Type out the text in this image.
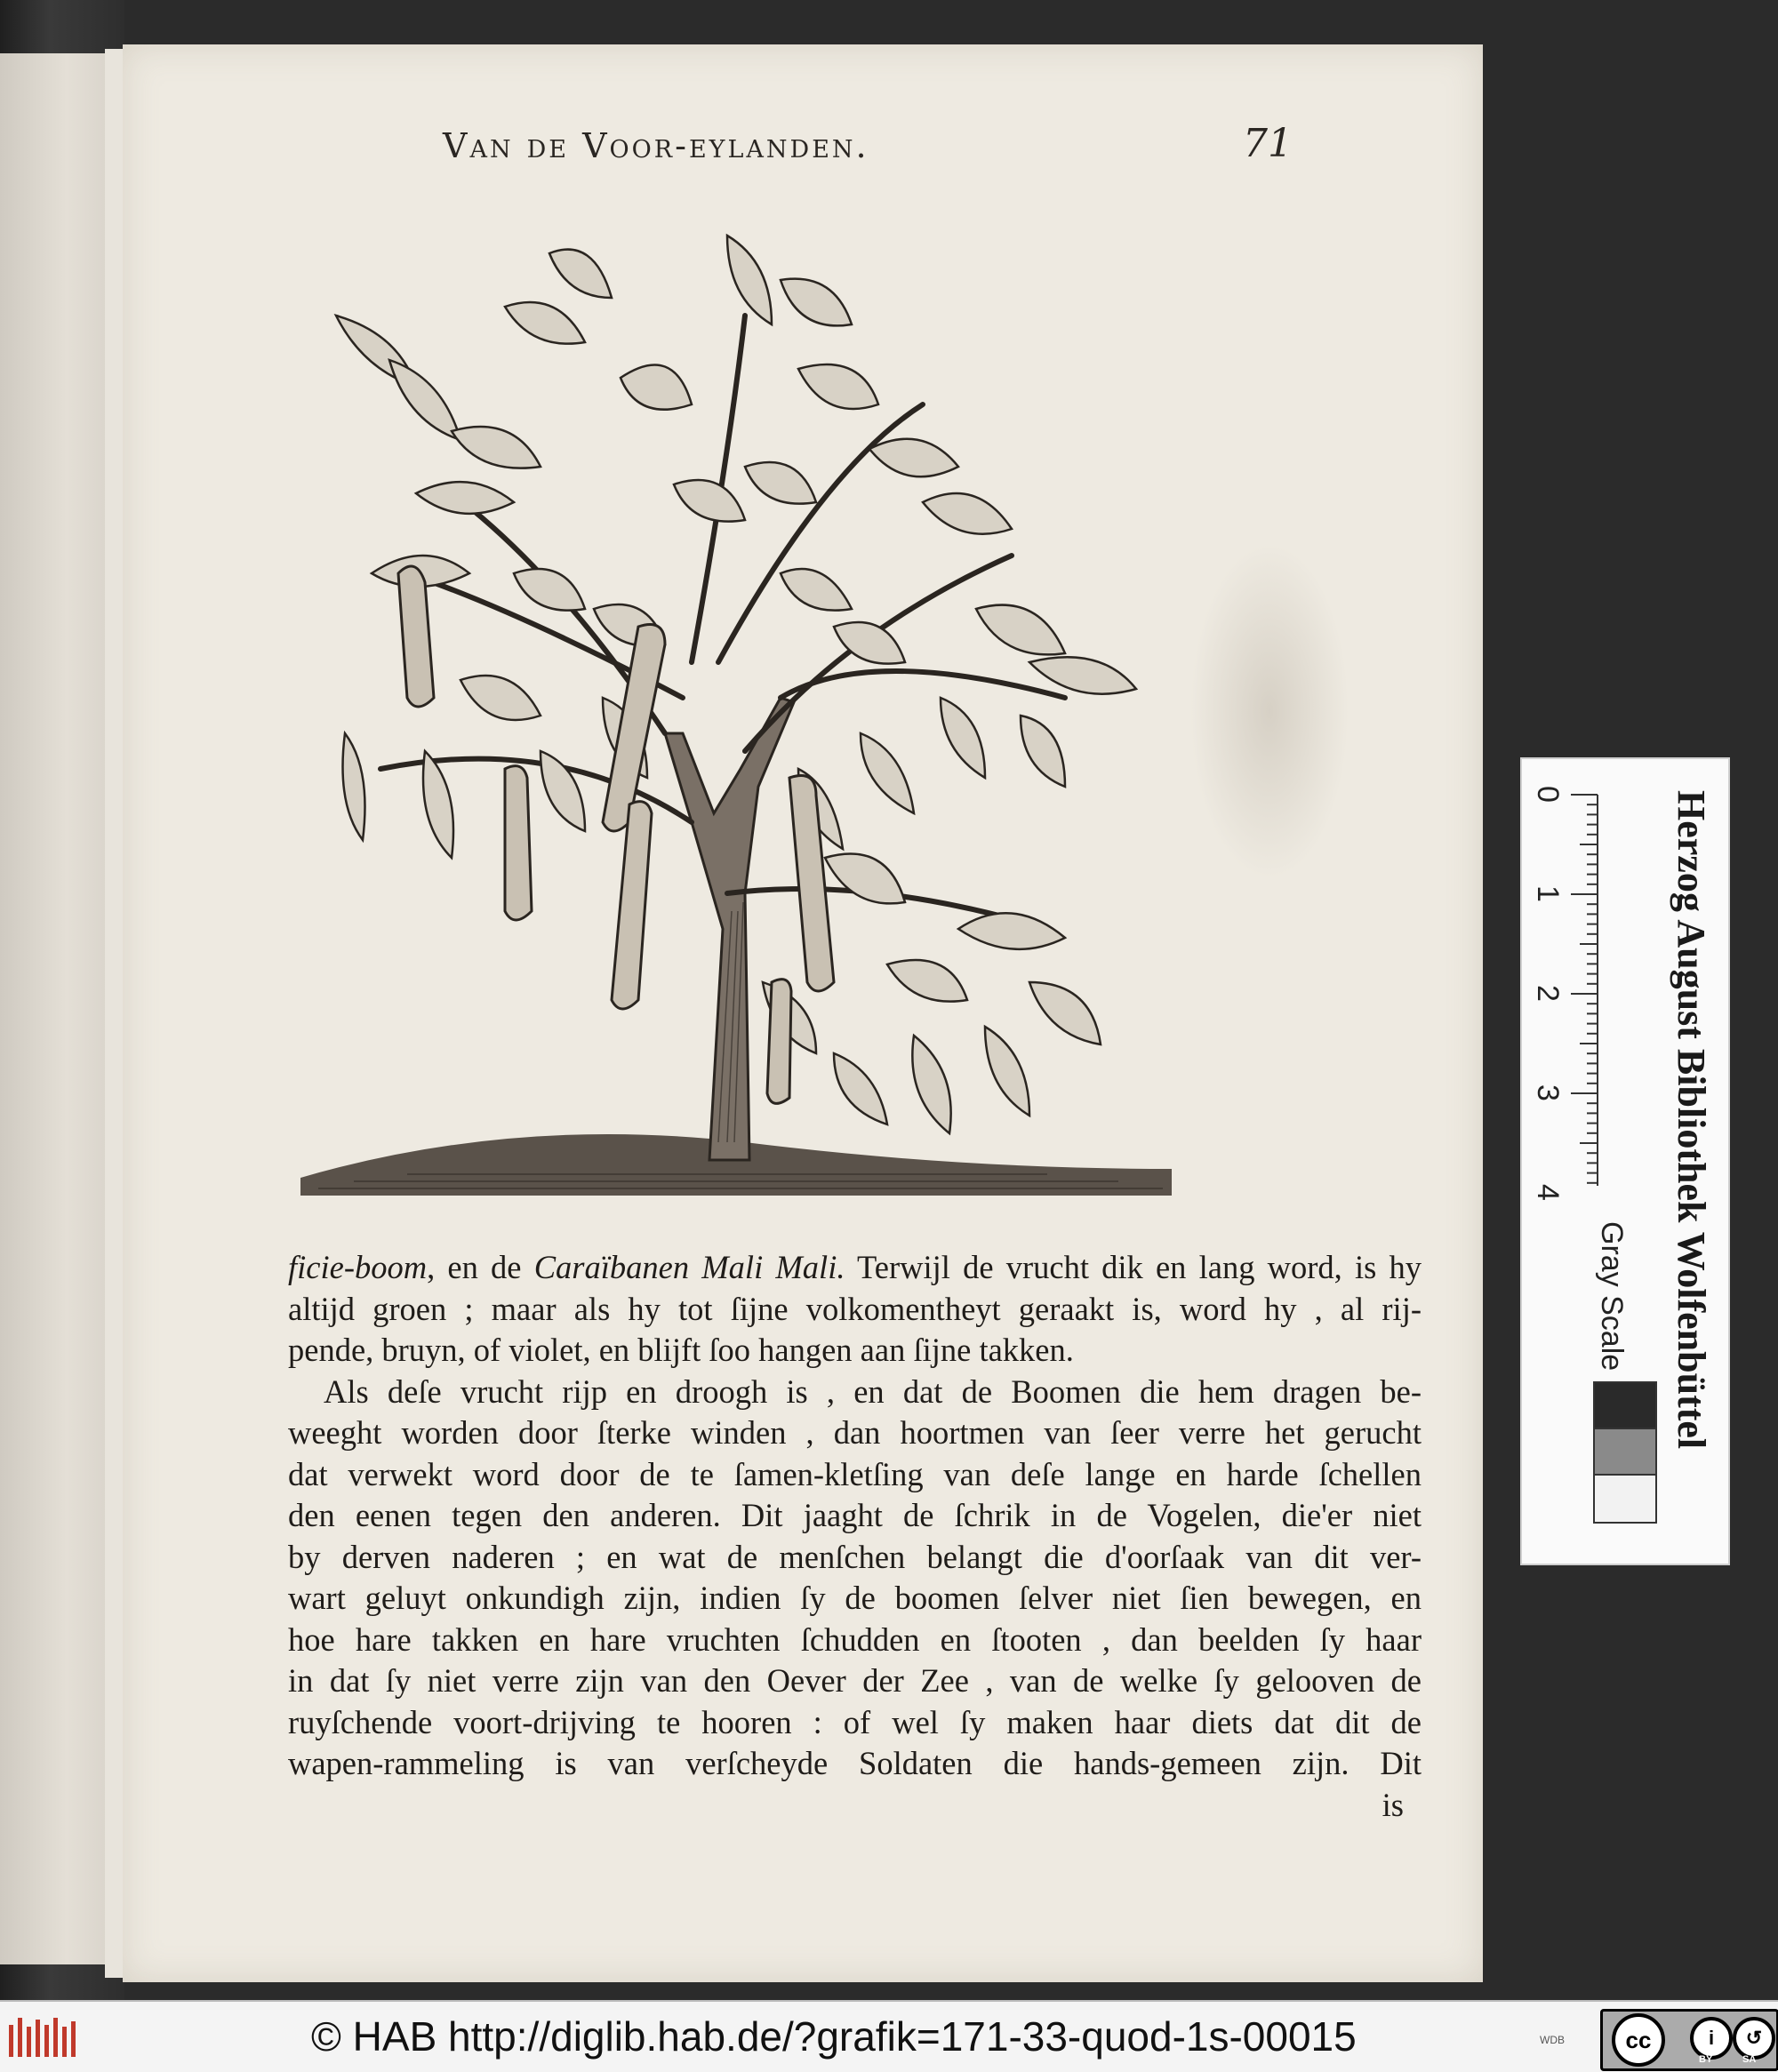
Van de Voor-eylanden.	71

ficie-boom, en de Caraïbanen Mali Mali. Terwijl de vrucht dik en lang word, is hy

altijd groen ; maar als hy tot ſijne volkomentheyt geraakt is, word hy , al rij-

pende, bruyn, of violet, en blijft ſoo hangen aan ſijne takken.

Als deſe vrucht rijp en droogh is , en dat de Boomen die hem dragen be-

weeght worden door ſterke winden , dan hoortmen van ſeer verre het gerucht

dat verwekt word door de te ſamen-kletſing van deſe lange en harde ſchellen

den eenen tegen den anderen. Dit jaaght de ſchrik in de Vogelen, die'er niet

by derven naderen ; en wat de menſchen belangt die d'oorſaak van dit ver-

wart geluyt onkundigh zijn, indien ſy de boomen ſelver niet ſien bewegen, en

hoe hare takken en hare vruchten ſchudden en ſtooten , dan beelden ſy haar

in dat ſy niet verre zijn van den Oever der Zee , van de welke ſy gelooven de

ruyſchende voort-drijving te hooren : of wel ſy maken haar diets dat dit de

wapen-rammeling is van verſcheyde Soldaten die hands-gemeen zijn. Dit

is

0
1
2
3
4	Herzog August Bibliothek Wolfenbüttel
Gray Scale
© HAB http://diglib.hab.de/?grafik=171-33-quod-1s-00015	WDB	cc	i	↺
BY	SA
